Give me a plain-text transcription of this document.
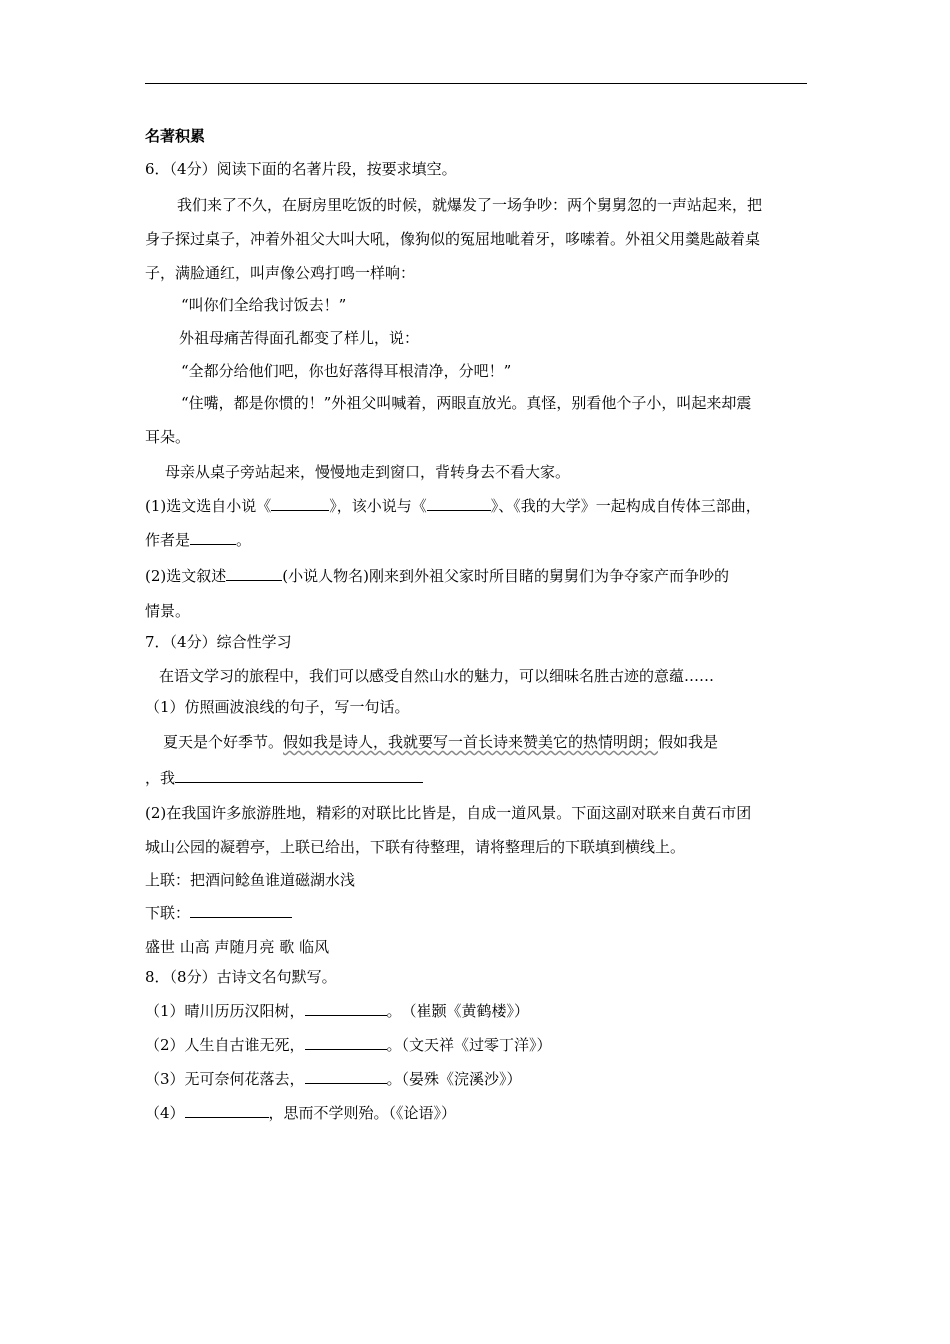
名著积累
6．（4分）阅读下面的名著片段，按要求填空。
我们来了不久，在厨房里吃饭的时候，就爆发了一场争吵：两个舅舅忽的一声站起来，把
身子探过桌子，冲着外祖父大叫大吼，像狗似的冤屈地呲着牙，哆嗦着。外祖父用羹匙敲着桌
子，满脸通红，叫声像公鸡打鸣一样响：
“叫你们全给我讨饭去！”
外祖母痛苦得面孔都变了样儿，说：
“全都分给他们吧，你也好落得耳根清净，分吧！”
“住嘴，都是你惯的！”外祖父叫喊着，两眼直放光。真怪，别看他个子小，叫起来却震
耳朵。
母亲从桌子旁站起来，慢慢地走到窗口，背转身去不看大家。
(1)选文选自小说《	》，该小说与《	》、《我的大学》一起构成自传体三部曲，
作者是	。
(2)选文叙述	(小说人物名)刚来到外祖父家时所目睹的舅舅们为争夺家产而争吵的
情景。
7．（4分）综合性学习
在语文学习的旅程中，我们可以感受自然山水的魅力，可以细味名胜古迹的意蕴……
（1）仿照画波浪线的句子，写一句话。
夏天是个好季节。假如我是诗人，我就要写一首长诗来赞美它的热情明朗；假如我是
，我
(2)在我国许多旅游胜地，精彩的对联比比皆是，自成一道风景。下面这副对联来自黄石市团
城山公园的凝碧亭，上联已给出，下联有待整理，请将整理后的下联填到横线上。
上联：把酒问鲶鱼谁道磁湖水浅
下联：
盛世 山高 声随月亮 歌 临风
8．（8分）古诗文名句默写。
（1）晴川历历汉阳树，	。　（崔颢《黄鹤楼》）
（2）人生自古谁无死，	。（文天祥《过零丁洋》）
（3）无可奈何花落去，	。（晏殊《浣溪沙》）
（4）	，思而不学则殆。（《论语》）
